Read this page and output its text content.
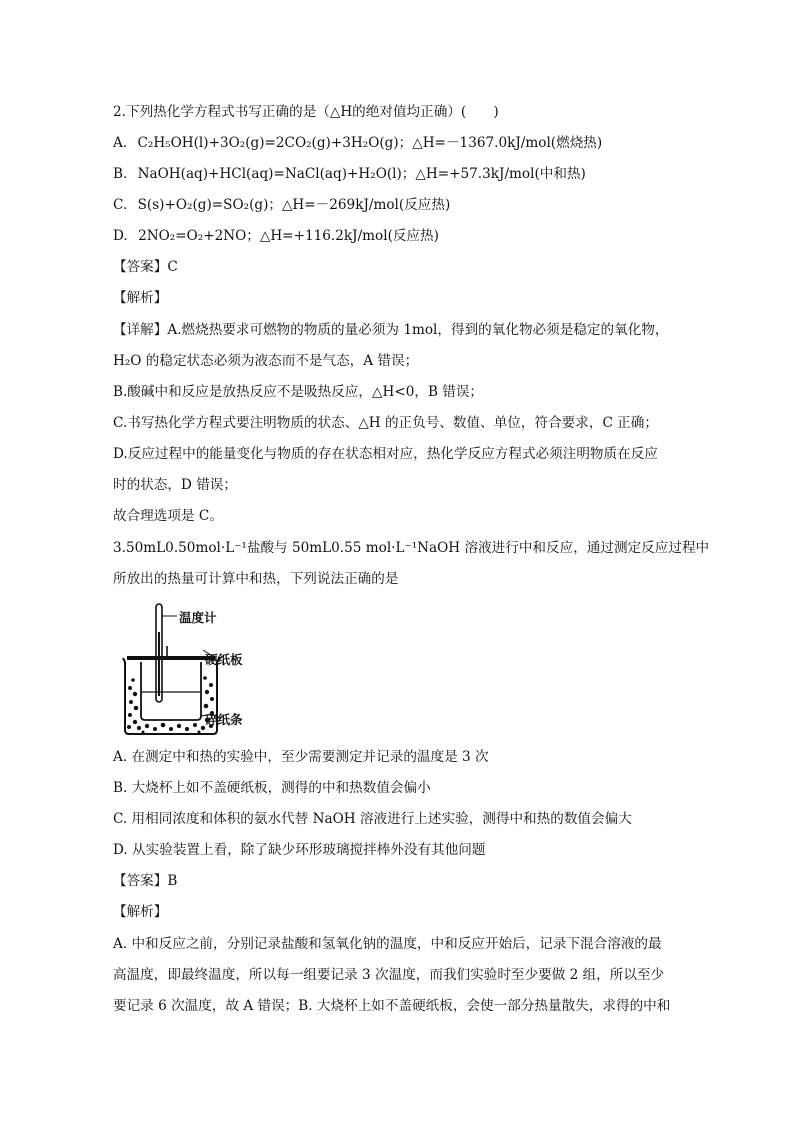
2.下列热化学方程式书写正确的是（△H的绝对值均正确）(　　)
A. C₂H₅OH(l)+3O₂(g)=2CO₂(g)+3H₂O(g)；△H=－1367.0kJ/mol(燃烧热)
B. NaOH(aq)+HCl(aq)=NaCl(aq)+H₂O(l)；△H=+57.3kJ/mol(中和热)
C. S(s)+O₂(g)=SO₂(g)；△H=－269kJ/mol(反应热)
D. 2NO₂=O₂+2NO；△H=+116.2kJ/mol(反应热)
【答案】C
【解析】
【详解】A.燃烧热要求可燃物的物质的量必须为 1mol，得到的氧化物必须是稳定的氧化物，
H₂O 的稳定状态必须为液态而不是气态，A 错误；
B.酸碱中和反应是放热反应不是吸热反应，△H<0，B 错误；
C.书写热化学方程式要注明物质的状态、△H 的正负号、数值、单位，符合要求，C 正确；
D.反应过程中的能量变化与物质的存在状态相对应，热化学反应方程式必须注明物质在反应
时的状态，D 错误；
故合理选项是 C。
3.50mL0.50mol·L⁻¹盐酸与 50mL0.55 mol·L⁻¹NaOH 溶液进行中和反应，通过测定反应过程中
所放出的热量可计算中和热，下列说法正确的是
温度计
硬纸板
碎纸条
A. 在测定中和热的实验中，至少需要测定并记录的温度是 3 次
B. 大烧杯上如不盖硬纸板，测得的中和热数值会偏小
C. 用相同浓度和体积的氨水代替 NaOH 溶液进行上述实验，测得中和热的数值会偏大
D. 从实验装置上看，除了缺少环形玻璃搅拌棒外没有其他问题
【答案】B
【解析】
A. 中和反应之前，分别记录盐酸和氢氧化钠的温度，中和反应开始后，记录下混合溶液的最
高温度，即最终温度，所以每一组要记录 3 次温度，而我们实验时至少要做 2 组，所以至少
要记录 6 次温度，故 A 错误；B. 大烧杯上如不盖硬纸板，会使一部分热量散失，求得的中和
